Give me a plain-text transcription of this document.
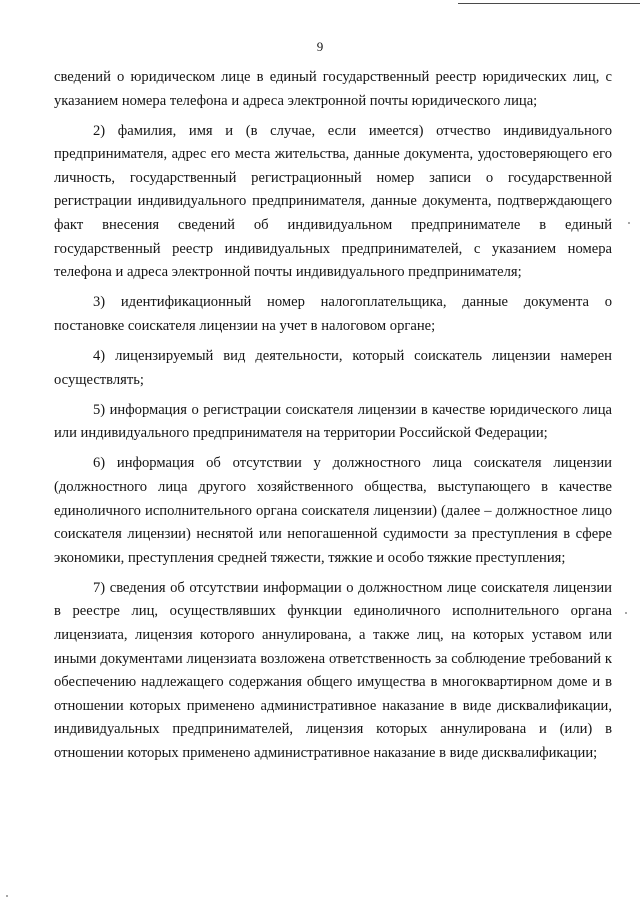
9

сведений о юридическом лице в единый государственный реестр юридических лиц, с указанием номера телефона и адреса электронной почты юридического лица;

2) фамилия, имя и (в случае, если имеется) отчество индивидуального предпринимателя, адрес его места жительства, данные документа, удостоверяющего его личность, государственный регистрационный номер записи о государственной регистрации индивидуального предпринимателя, данные документа, подтверждающего факт внесения сведений об индивидуальном предпринимателе в единый государственный реестр индивидуальных предпринимателей, с указанием номера телефона и адреса электронной почты индивидуального предпринимателя;

3) идентификационный номер налогоплательщика, данные документа о постановке соискателя лицензии на учет в налоговом органе;

4) лицензируемый вид деятельности, который соискатель лицензии намерен осуществлять;

5) информация о регистрации соискателя лицензии в качестве юридического лица или индивидуального предпринимателя на территории Российской Федерации;

6) информация об отсутствии у должностного лица соискателя лицензии (должностного лица другого хозяйственного общества, выступающего в качестве единоличного исполнительного органа соискателя лицензии) (далее – должностное лицо соискателя лицензии) неснятой или непогашенной судимости за преступления в сфере экономики, преступления средней тяжести, тяжкие и особо тяжкие преступления;

7) сведения об отсутствии информации о должностном лице соискателя лицензии в реестре лиц, осуществлявших функции единоличного исполнительного органа лицензиата, лицензия которого аннулирована, а также лиц, на которых уставом или иными документами лицензиата возложена ответственность за соблюдение требований к обеспечению надлежащего содержания общего имущества в многоквартирном доме и в отношении которых применено административное наказание в виде дисквалификации, индивидуальных предпринимателей, лицензия которых аннулирована и (или) в отношении которых применено административное наказание в виде дисквалификации;
